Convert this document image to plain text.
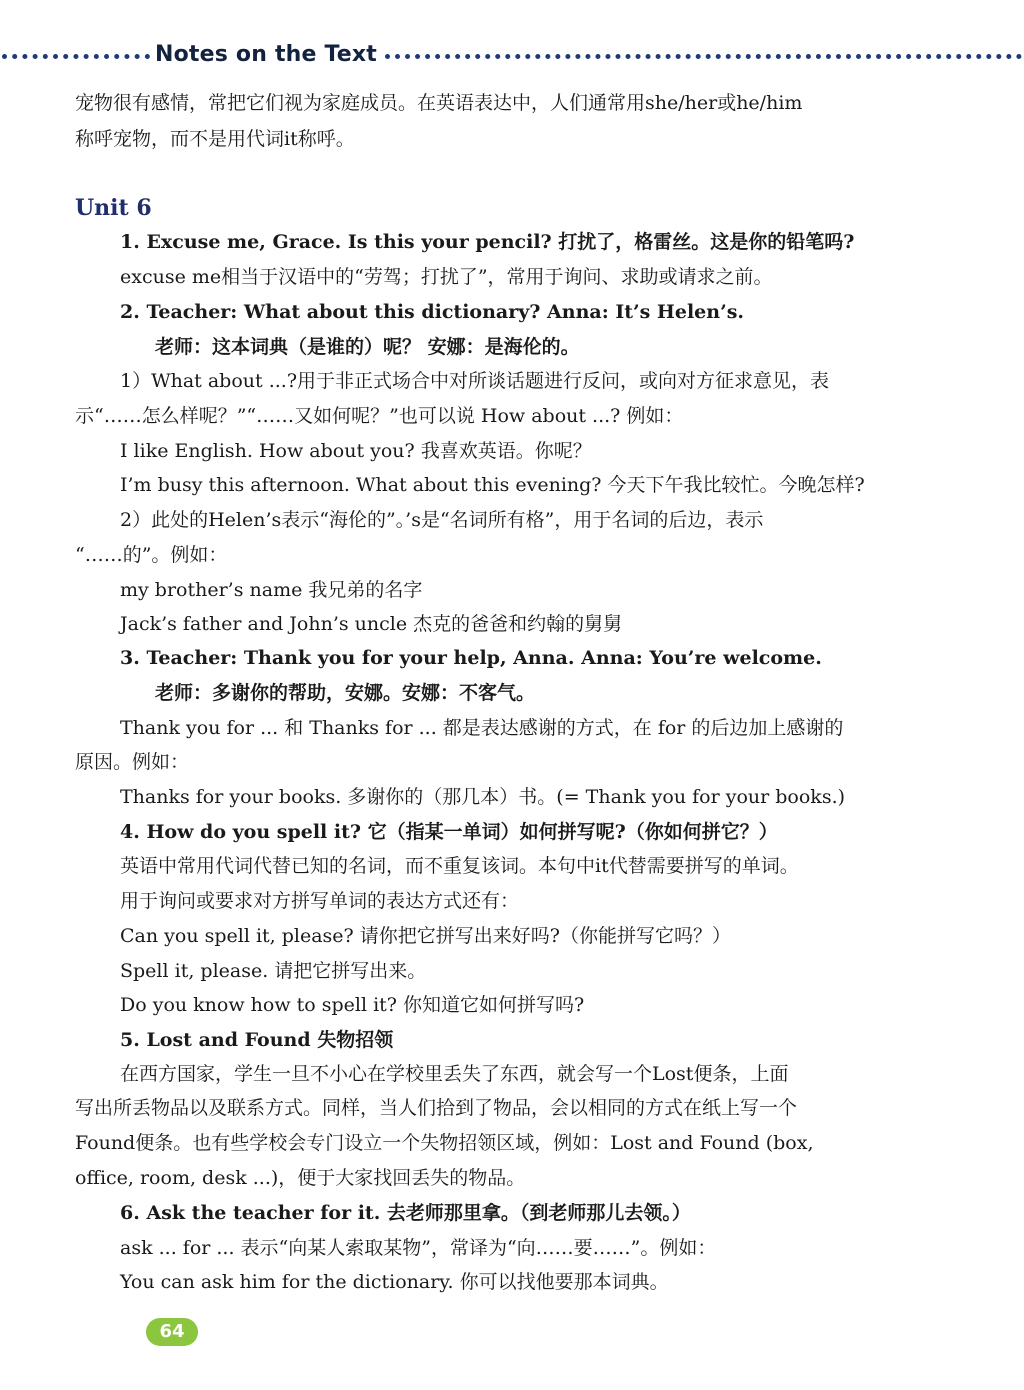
Notes on the Text
宠物很有感情，常把它们视为家庭成员。在英语表达中，人们通常用she/her或he/him
称呼宠物，而不是用代词it称呼。
Unit 6
1. Excuse me, Grace. Is this your pencil? 打扰了，格雷丝。这是你的铅笔吗?
excuse me相当于汉语中的“劳驾；打扰了”，常用于询问、求助或请求之前。
2. Teacher: What about this dictionary? Anna: It’s Helen’s.
老师：这本词典（是谁的）呢？ 安娜：是海伦的。
1）What about ...?用于非正式场合中对所谈话题进行反问，或向对方征求意见，表
示“……怎么样呢？”“……又如何呢？”也可以说 How about ...? 例如：
I like English. How about you? 我喜欢英语。你呢？
I’m busy this afternoon. What about this evening? 今天下午我比较忙。今晚怎样?
2）此处的Helen’s表示“海伦的”。’s是“名词所有格”，用于名词的后边，表示
“……的”。例如：
my brother’s name 我兄弟的名字
Jack’s father and John’s uncle 杰克的爸爸和约翰的舅舅
3. Teacher: Thank you for your help, Anna. Anna: You’re welcome.
老师：多谢你的帮助，安娜。安娜：不客气。
Thank you for ... 和 Thanks for ... 都是表达感谢的方式，在 for 的后边加上感谢的
原因。例如：
Thanks for your books. 多谢你的（那几本）书。(= Thank you for your books.)
4. How do you spell it? 它（指某一单词）如何拼写呢?（你如何拼它？）
英语中常用代词代替已知的名词，而不重复该词。本句中it代替需要拼写的单词。
用于询问或要求对方拼写单词的表达方式还有：
Can you spell it, please? 请你把它拼写出来好吗?（你能拼写它吗？）
Spell it, please. 请把它拼写出来。
Do you know how to spell it? 你知道它如何拼写吗?
5. Lost and Found 失物招领
在西方国家，学生一旦不小心在学校里丢失了东西，就会写一个Lost便条，上面
写出所丢物品以及联系方式。同样，当人们拾到了物品，会以相同的方式在纸上写一个
Found便条。也有些学校会专门设立一个失物招领区域，例如：Lost and Found (box,
office, room, desk ...)，便于大家找回丢失的物品。
6. Ask the teacher for it. 去老师那里拿。（到老师那儿去领。）
ask ... for ... 表示“向某人索取某物”，常译为“向……要……”。例如：
You can ask him for the dictionary. 你可以找他要那本词典。
64
